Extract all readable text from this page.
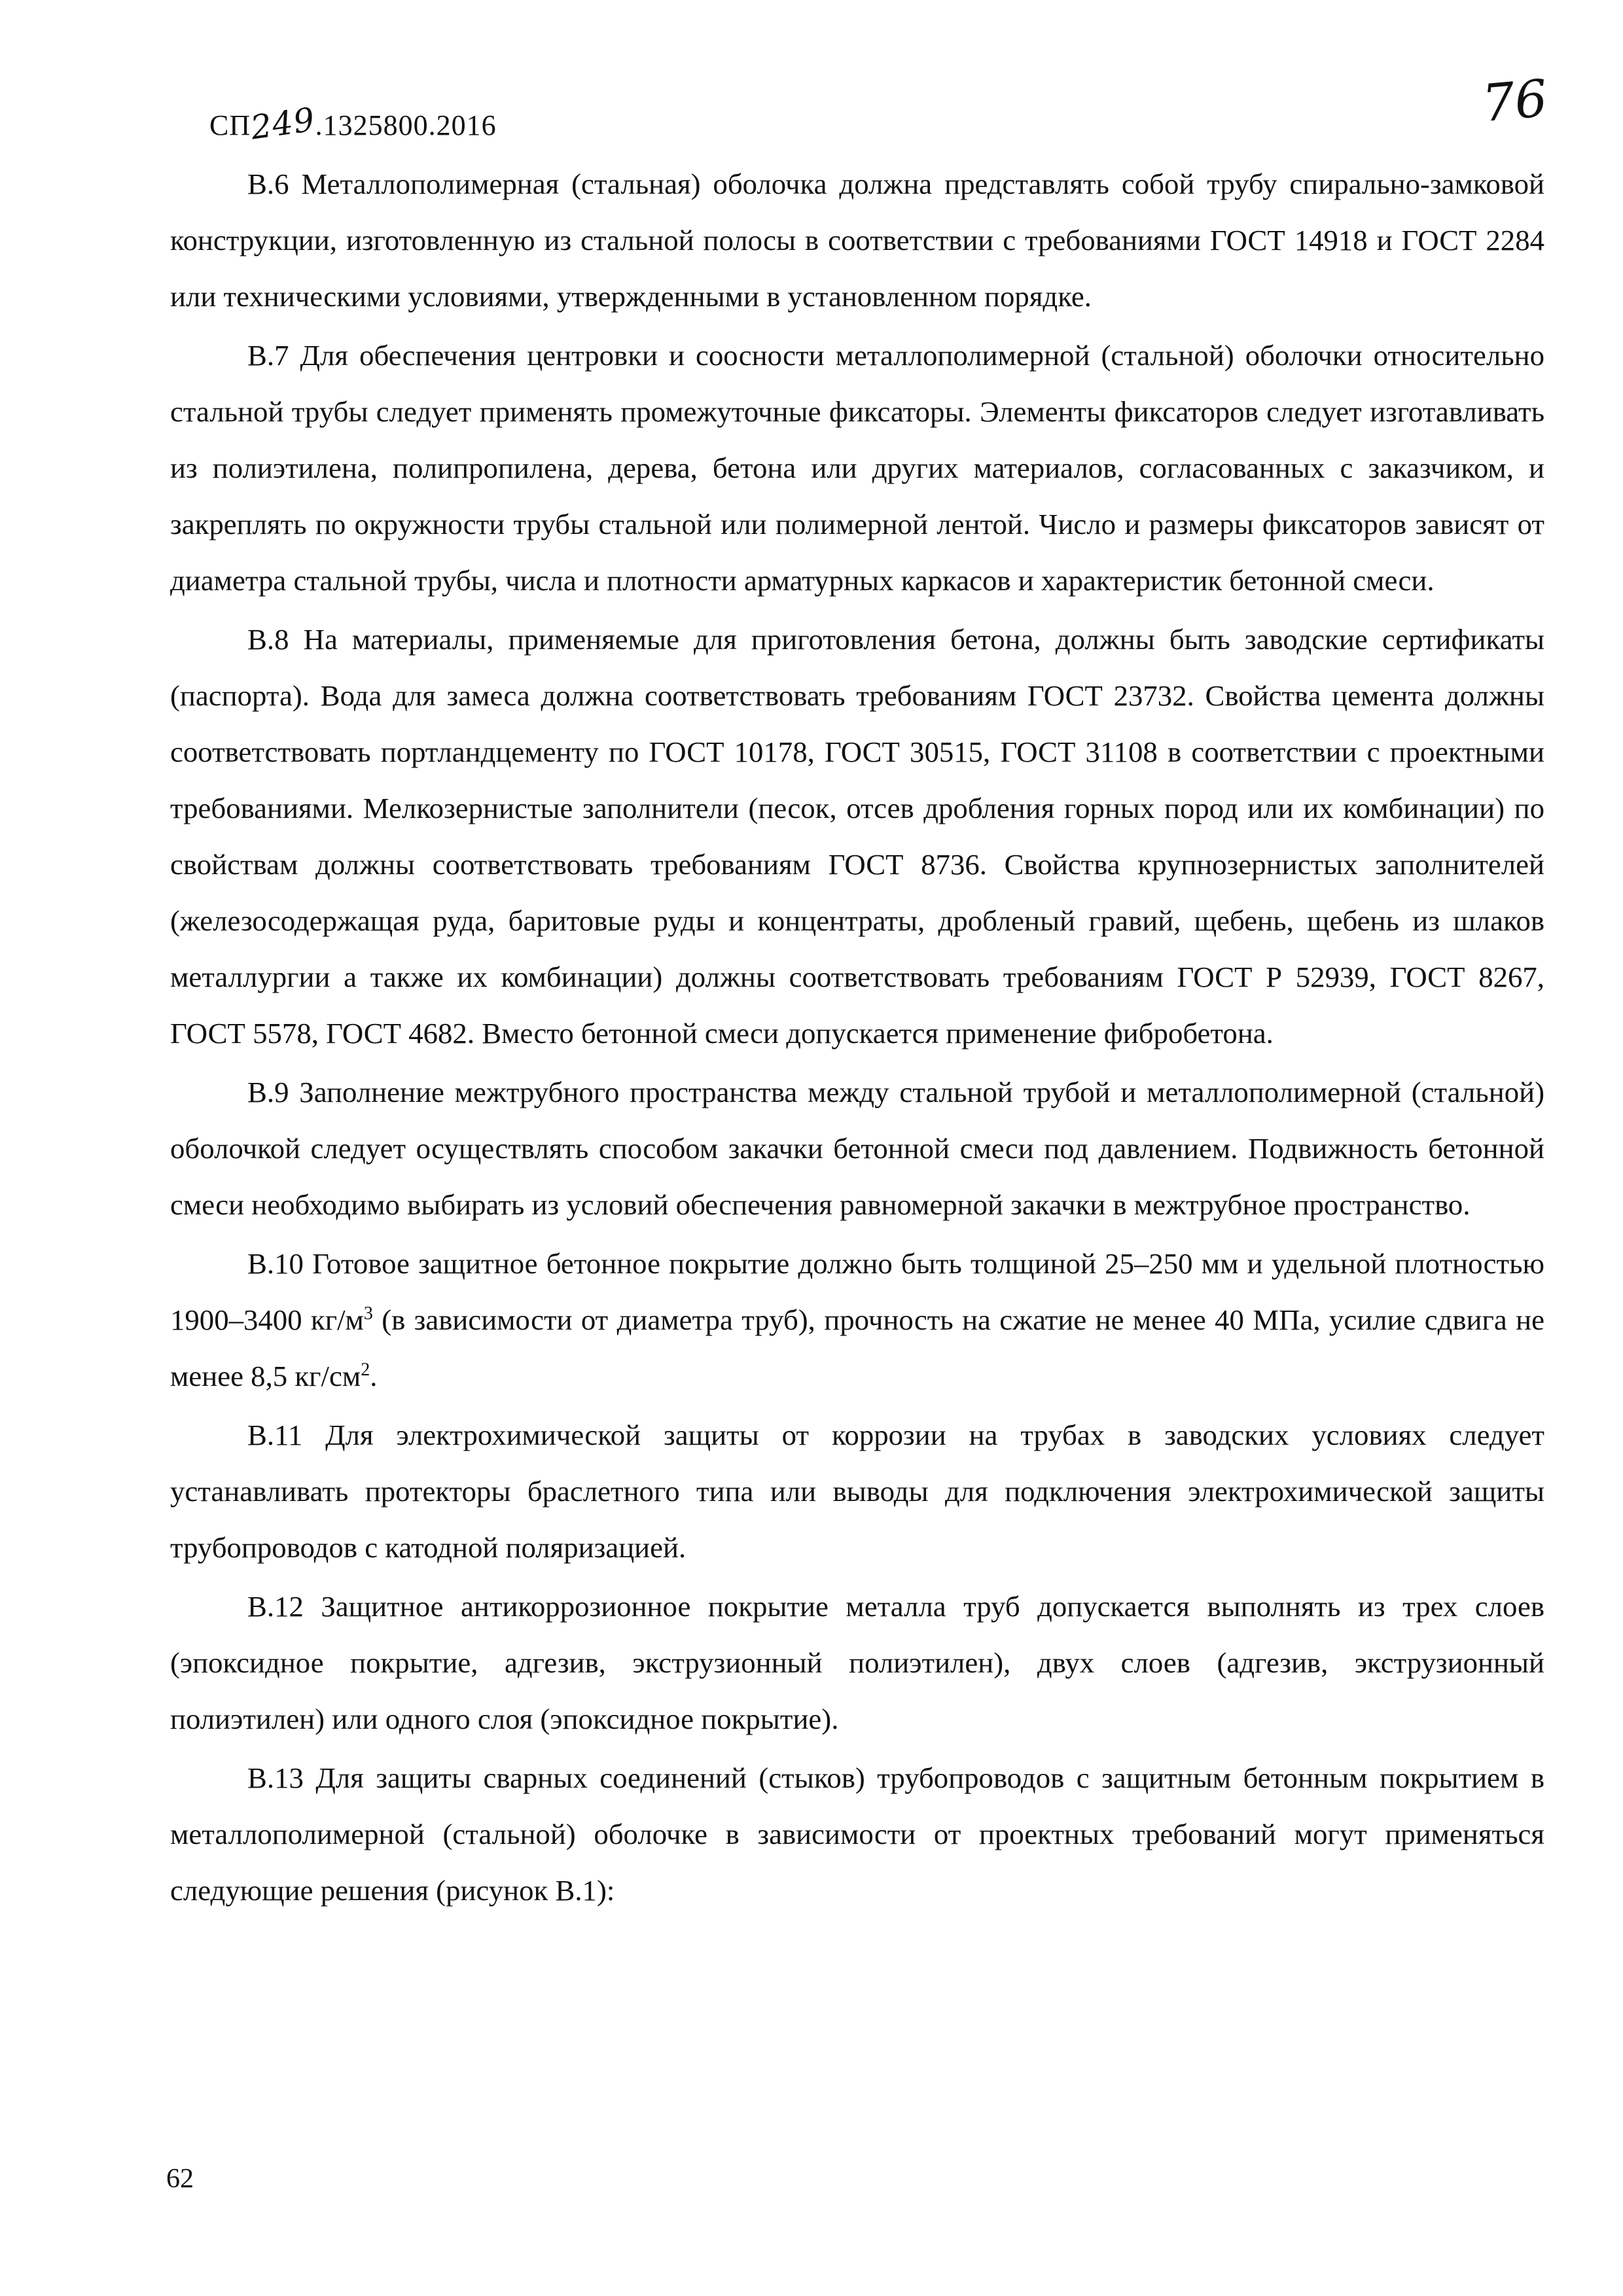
СП249.1325800.2016	76

В.6 Металлополимерная (стальная) оболочка должна представлять собой трубу спирально-замковой конструкции, изготовленную из стальной полосы в соответствии с требованиями ГОСТ 14918 и ГОСТ 2284 или техническими условиями, утвержденными в установленном порядке.

В.7 Для обеспечения центровки и соосности металлополимерной (стальной) оболочки относительно стальной трубы следует применять промежуточные фиксаторы. Элементы фиксаторов следует изготавливать из полиэтилена, полипропилена, дерева, бетона или других материалов, согласованных с заказчиком, и закреплять по окружности трубы стальной или полимерной лентой. Число и размеры фиксаторов зависят от диаметра стальной трубы, числа и плотности арматурных каркасов и характеристик бетонной смеси.

В.8 На материалы, применяемые для приготовления бетона, должны быть заводские сертификаты (паспорта). Вода для замеса должна соответствовать требованиям ГОСТ 23732. Свойства цемента должны соответствовать портландцементу по ГОСТ 10178, ГОСТ 30515, ГОСТ 31108 в соответствии с проектными требованиями. Мелкозернистые заполнители (песок, отсев дробления горных пород или их комбинации) по свойствам должны соответствовать требованиям ГОСТ 8736. Свойства крупнозернистых заполнителей (железосодержащая руда, баритовые руды и концентраты, дробленый гравий, щебень, щебень из шлаков металлургии а также их комбинации) должны соответствовать требованиям ГОСТ Р 52939, ГОСТ 8267, ГОСТ 5578, ГОСТ 4682. Вместо бетонной смеси допускается применение фибробетона.

В.9 Заполнение межтрубного пространства между стальной трубой и металлополимерной (стальной) оболочкой следует осуществлять способом закачки бетонной смеси под давлением. Подвижность бетонной смеси необходимо выбирать из условий обеспечения равномерной закачки в межтрубное пространство.

В.10 Готовое защитное бетонное покрытие должно быть толщиной 25–250 мм и удельной плотностью 1900–3400 $кг/м^3$ (в зависимости от диаметра труб), прочность на сжатие не менее 40 МПа, усилие сдвига не менее 8,5 $кг/см^2$.

В.11 Для электрохимической защиты от коррозии на трубах в заводских условиях следует устанавливать протекторы браслетного типа или выводы для подключения электрохимической защиты трубопроводов с катодной поляризацией.

В.12 Защитное антикоррозионное покрытие металла труб допускается выполнять из трех слоев (эпоксидное покрытие, адгезив, экструзионный полиэтилен), двух слоев (адгезив, экструзионный полиэтилен) или одного слоя (эпоксидное покрытие).

В.13 Для защиты сварных соединений (стыков) трубопроводов с защитным бетонным покрытием в металлополимерной (стальной) оболочке в зависимости от проектных требований могут применяться следующие решения (рисунок В.1):

62
